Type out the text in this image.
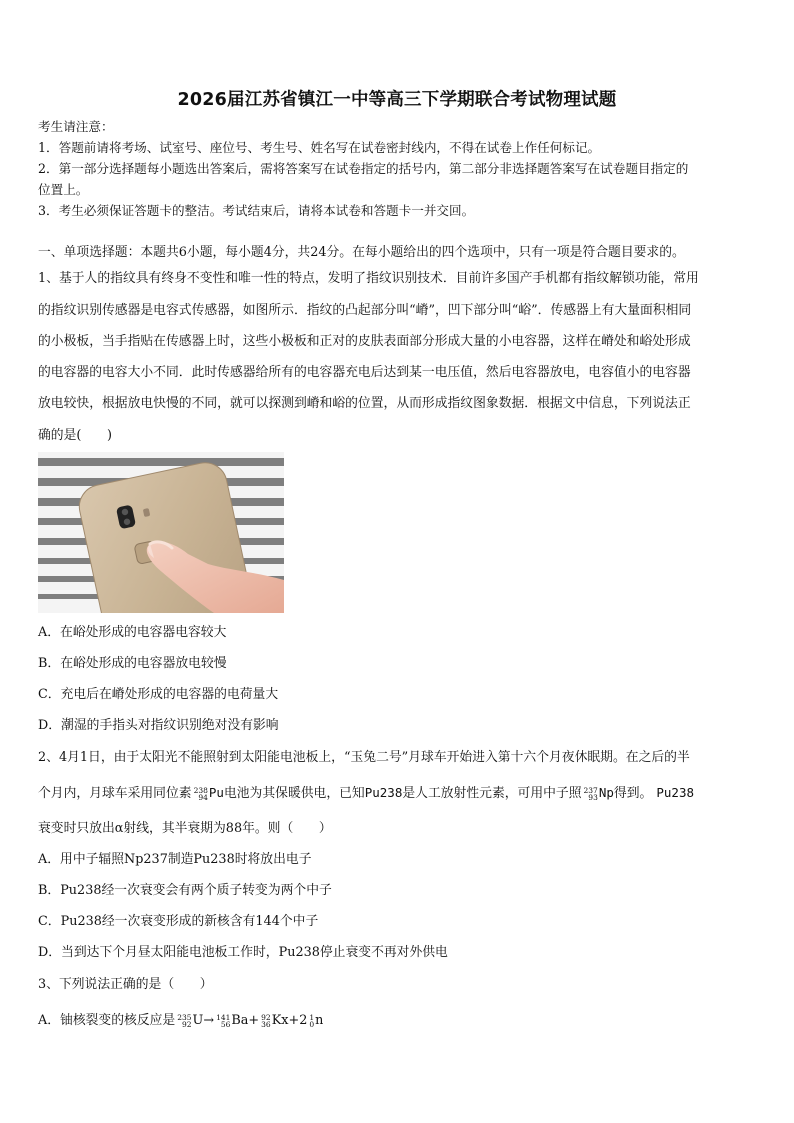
2026届江苏省镇江一中等高三下学期联合考试物理试题
考生请注意：
1．答题前请将考场、试室号、座位号、考生号、姓名写在试卷密封线内，不得在试卷上作任何标记。
2．第一部分选择题每小题选出答案后，需将答案写在试卷指定的括号内，第二部分非选择题答案写在试卷题目指定的
位置上。
3．考生必须保证答题卡的整洁。考试结束后，请将本试卷和答题卡一并交回。
一、单项选择题：本题共6小题，每小题4分，共24分。在每小题给出的四个选项中，只有一项是符合题目要求的。
1、基于人的指纹具有终身不变性和唯一性的特点，发明了指纹识别技术．目前许多国产手机都有指纹解锁功能，常用
的指纹识别传感器是电容式传感器，如图所示．指纹的凸起部分叫“嵴”，凹下部分叫“峪”．传感器上有大量面积相同
的小极板，当手指贴在传感器上时，这些小极板和正对的皮肤表面部分形成大量的小电容器，这样在嵴处和峪处形成
的电容器的电容大小不同．此时传感器给所有的电容器充电后达到某一电压值，然后电容器放电，电容值小的电容器
放电较快，根据放电快慢的不同，就可以探测到嵴和峪的位置，从而形成指纹图象数据．根据文中信息，下列说法正
确的是(　　)
A．在峪处形成的电容器电容较大
B．在峪处形成的电容器放电较慢
C．充电后在嵴处形成的电容器的电荷量大
D．潮湿的手指头对指纹识别绝对没有影响
2、4月1日，由于太阳光不能照射到太阳能电池板上，“玉兔二号”月球车开始进入第十六个月夜休眠期。在之后的半
个月内，月球车采用同位素 238
94 Pu电池为其保暖供电，已知Pu238是人工放射性元素，可用中子照 237
93 Np得到。 Pu238
衰变时只放出α射线，其半衰期为88年。则（　　）
A．用中子辐照Np237制造Pu238时将放出电子
B．Pu238经一次衰变会有两个质子转变为两个中子
C．Pu238经一次衰变形成的新核含有144个中子
D．当到达下个月昼太阳能电池板工作时，Pu238停止衰变不再对外供电
3、下列说法正确的是（　　）
A．铀核裂变的核反应是 235
92 U→ 141
56 Ba+ 92
36 Kx+2 1
0 n
